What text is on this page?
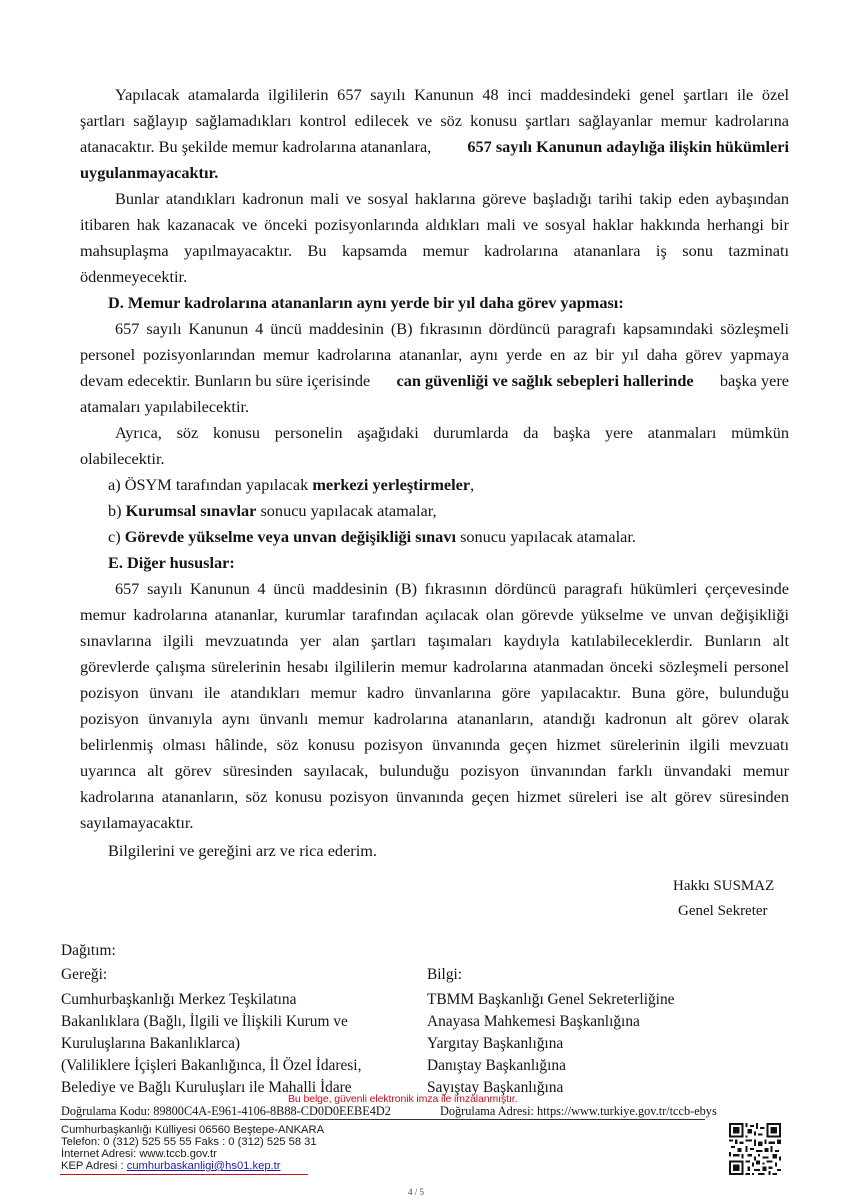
Yapılacak atamalarda ilgililerin 657 sayılı Kanunun 48 inci maddesindeki genel şartları ile özel
şartları sağlayıp sağlamadıkları kontrol edilecek ve söz konusu şartları sağlayanlar memur kadrolarına
atanacaktır. Bu şekilde memur kadrolarına atananlara, 657 sayılı Kanunun adaylığa ilişkin hükümleri
uygulanmayacaktır.
Bunlar atandıkları kadronun mali ve sosyal haklarına göreve başladığı tarihi takip eden aybaşından
itibaren hak kazanacak ve önceki pozisyonlarında aldıkları mali ve sosyal haklar hakkında herhangi bir
mahsuplaşma yapılmayacaktır. Bu kapsamda memur kadrolarına atananlara iş sonu tazminatı
ödenmeyecektir.
D. Memur kadrolarına atananların aynı yerde bir yıl daha görev yapması:
657 sayılı Kanunun 4 üncü maddesinin (B) fıkrasının dördüncü paragrafı kapsamındaki sözleşmeli
personel pozisyonlarından memur kadrolarına atananlar, aynı yerde en az bir yıl daha görev yapmaya
devam edecektir. Bunların bu süre içerisinde can güvenliği ve sağlık sebepleri hallerinde başka yere
atamaları yapılabilecektir.
Ayrıca, söz konusu personelin aşağıdaki durumlarda da başka yere atanmaları mümkün
olabilecektir.
a) ÖSYM tarafından yapılacak merkezi yerleştirmeler,
b) Kurumsal sınavlar sonucu yapılacak atamalar,
c) Görevde yükselme veya unvan değişikliği sınavı sonucu yapılacak atamalar.
E. Diğer hususlar:
657 sayılı Kanunun 4 üncü maddesinin (B) fıkrasının dördüncü paragrafı hükümleri çerçevesinde
memur kadrolarına atananlar, kurumlar tarafından açılacak olan görevde yükselme ve unvan değişikliği
sınavlarına ilgili mevzuatında yer alan şartları taşımaları kaydıyla katılabileceklerdir. Bunların alt
görevlerde çalışma sürelerinin hesabı ilgililerin memur kadrolarına atanmadan önceki sözleşmeli personel
pozisyon ünvanı ile atandıkları memur kadro ünvanlarına göre yapılacaktır. Buna göre, bulunduğu
pozisyon ünvanıyla aynı ünvanlı memur kadrolarına atananların, atandığı kadronun alt görev olarak
belirlenmiş olması hâlinde, söz konusu pozisyon ünvanında geçen hizmet sürelerinin ilgili mevzuatı
uyarınca alt görev süresinden sayılacak, bulunduğu pozisyon ünvanından farklı ünvandaki memur
kadrolarına atananların, söz konusu pozisyon ünvanında geçen hizmet süreleri ise alt görev süresinden
sayılamayacaktır.
Bilgilerini ve gereğini arz ve rica ederim.
Hakkı SUSMAZ
Genel Sekreter
Dağıtım:
Gereği:
Cumhurbaşkanlığı Merkez Teşkilatına
Bakanlıklara (Bağlı, İlgili ve İlişkili Kurum ve
Kuruluşlarına Bakanlıklarca)
(Valiliklere İçişleri Bakanlığınca, İl Özel İdaresi,
Belediye ve Bağlı Kuruluşları ile Mahalli İdare
Bilgi:
TBMM Başkanlığı Genel Sekreterliğine
Anayasa Mahkemesi Başkanlığına
Yargıtay Başkanlığına
Danıştay Başkanlığına
Sayıştay Başkanlığına
Bu belge, güvenli elektronik imza ile imzalanmıştır.
Doğrulama Kodu: 89800C4A-E961-4106-8B88-CD0D0EEBE4D2	Doğrulama Adresi: https://www.turkiye.gov.tr/tccb-ebys
Cumhurbaşkanlığı Külliyesi 06560 Beştepe-ANKARA
Telefon: 0 (312) 525 55 55 Faks : 0 (312) 525 58 31
İnternet Adresi: www.tccb.gov.tr
KEP Adresi : cumhurbaskanligi@hs01.kep.tr
4 / 5
